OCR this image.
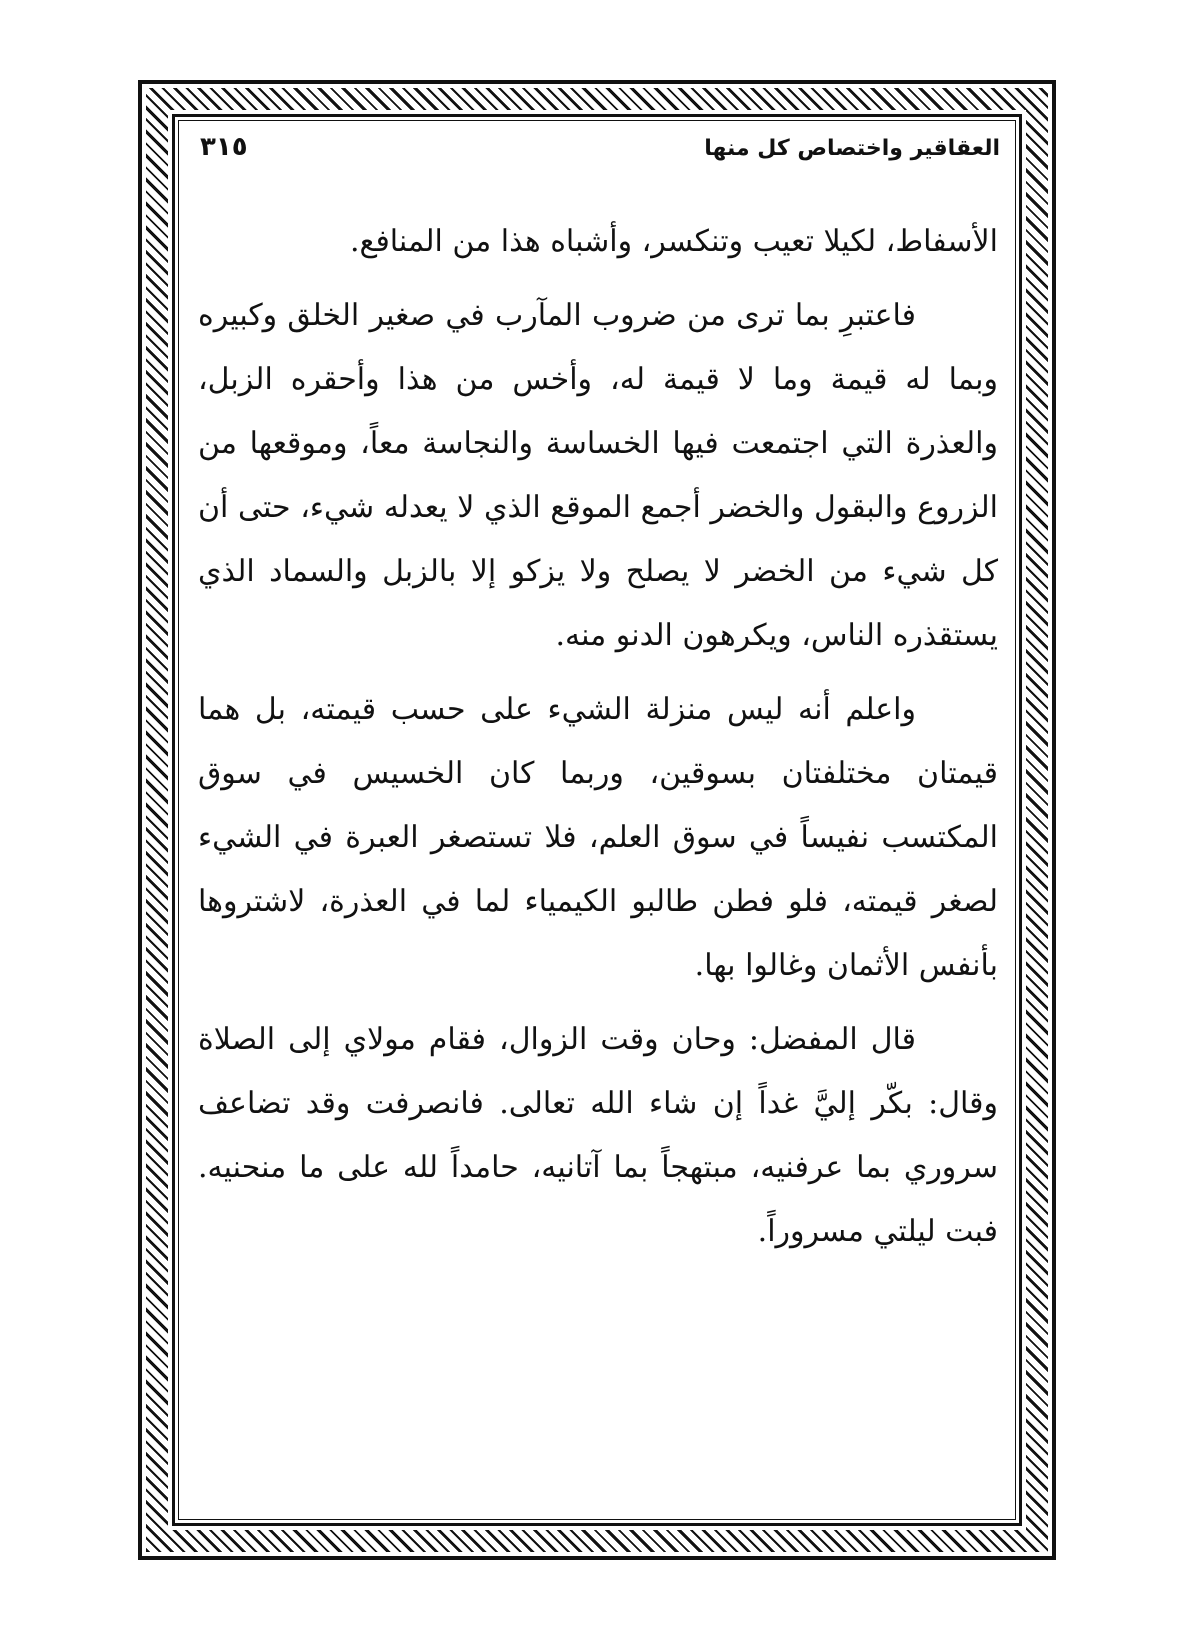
٣١٥	العقاقير واختصاص كل منها

الأسفاط، لكيلا تعيب وتنكسر، وأشباه هذا من المنافع.

فاعتبرِ بما ترى من ضروب المآرب في صغير الخلق وكبيره وبما له قيمة وما لا قيمة له، وأخس من هذا وأحقره الزبل، والعذرة التي اجتمعت فيها الخساسة والنجاسة معاً، وموقعها من الزروع والبقول والخضر أجمع الموقع الذي لا يعدله شيء، حتى أن كل شيء من الخضر لا يصلح ولا يزكو إلا بالزبل والسماد الذي يستقذره الناس، ويكرهون الدنو منه.

واعلم أنه ليس منزلة الشيء على حسب قيمته، بل هما قيمتان مختلفتان بسوقين، وربما كان الخسيس في سوق المكتسب نفيساً في سوق العلم، فلا تستصغر العبرة في الشيء لصغر قيمته، فلو فطن طالبو الكيمياء لما في العذرة، لاشتروها بأنفس الأثمان وغالوا بها.

قال المفضل: وحان وقت الزوال، فقام مولاي إلى الصلاة وقال: بكّر إليَّ غداً إن شاء الله تعالى. فانصرفت وقد تضاعف سروري بما عرفنيه، مبتهجاً بما آتانيه، حامداً لله على ما منحنيه. فبت ليلتي مسروراً.
